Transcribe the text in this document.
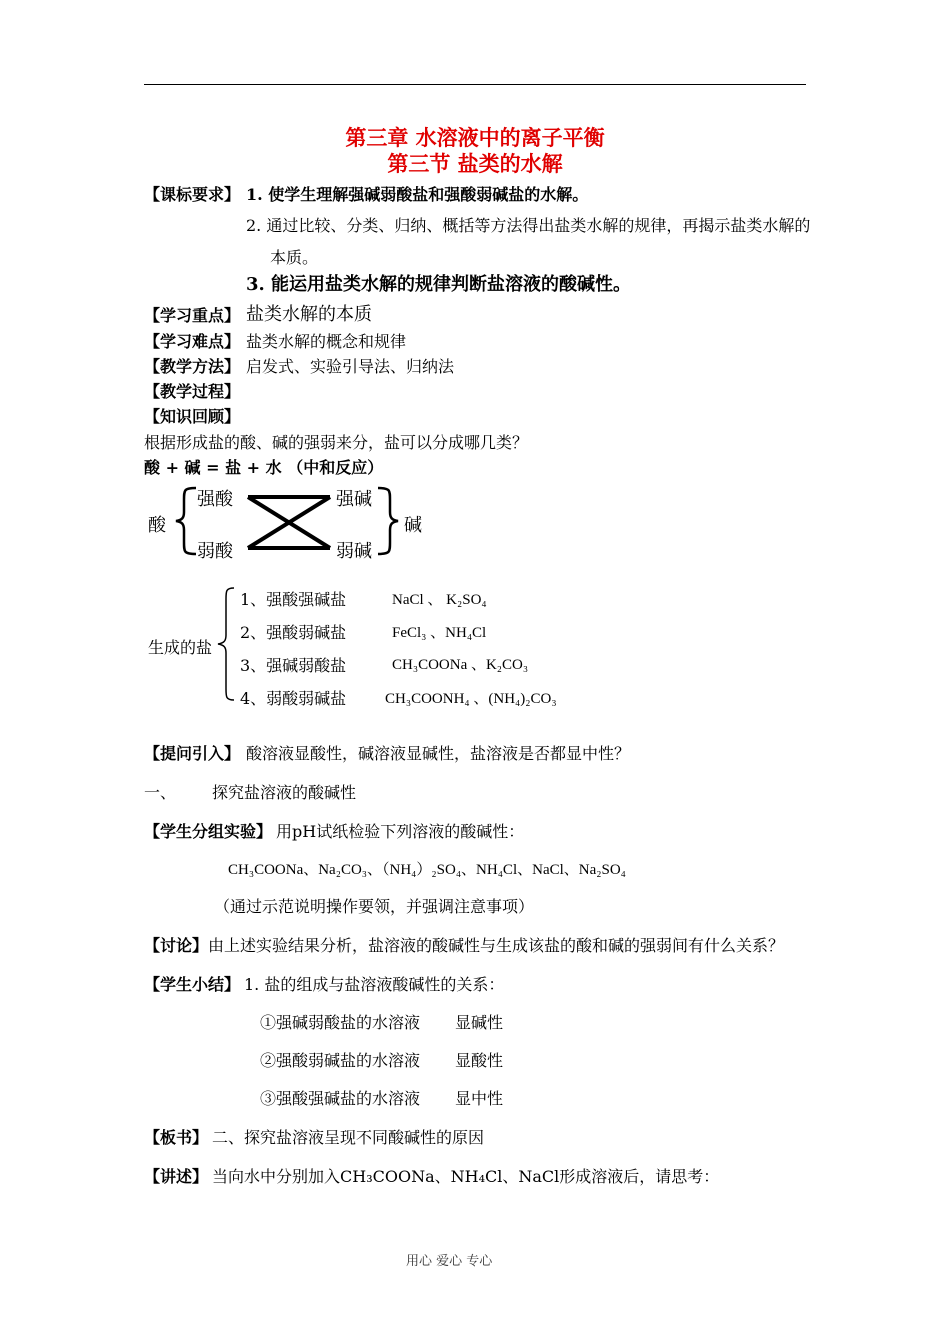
第三章 水溶液中的离子平衡
第三节 盐类的水解
【课标要求】 1. 使学生理解强碱弱酸盐和强酸弱碱盐的水解。
2. 通过比较、分类、归纳、概括等方法得出盐类水解的规律，再揭示盐类水解的
本质。
3. 能运用盐类水解的规律判断盐溶液的酸碱性。
【学习重点】 盐类水解的本质
【学习难点】 盐类水解的概念和规律
【教学方法】 启发式、实验引导法、归纳法
【教学过程】
【知识回顾】
根据形成盐的酸、碱的强弱来分，盐可以分成哪几类？
酸 + 碱 = 盐 + 水 （中和反应）
酸
强酸
弱酸
强碱
弱碱
碱
生成的盐
1、强酸强碱盐	NaCl 、 K₂SO₄
2、强酸弱碱盐	FeCl₃ 、NH₄Cl
3、强碱弱酸盐	CH₃COONa 、K₂CO₃
4、弱酸弱碱盐	CH₃COONH₄ 、(NH₄)₂CO₃
【提问引入】 酸溶液显酸性，碱溶液显碱性，盐溶液是否都显中性？
一、 探究盐溶液的酸碱性
【学生分组实验】 用pH试纸检验下列溶液的酸碱性：
CH₃COONa、Na₂CO₃、（NH₄）₂SO₄、NH₄Cl、NaCl、Na₂SO₄
（通过示范说明操作要领，并强调注意事项）
【讨论】 由上述实验结果分析，盐溶液的酸碱性与生成该盐的酸和碱的强弱间有什么关系？
【学生小结】 1. 盐的组成与盐溶液酸碱性的关系：
①强碱弱酸盐的水溶液 显碱性
②强酸弱碱盐的水溶液 显酸性
③强酸强碱盐的水溶液 显中性
【板书】 二、探究盐溶液呈现不同酸碱性的原因
【讲述】 当向水中分别加入CH₃COONa、NH₄Cl、NaCl形成溶液后，请思考：
用心 爱心 专心
